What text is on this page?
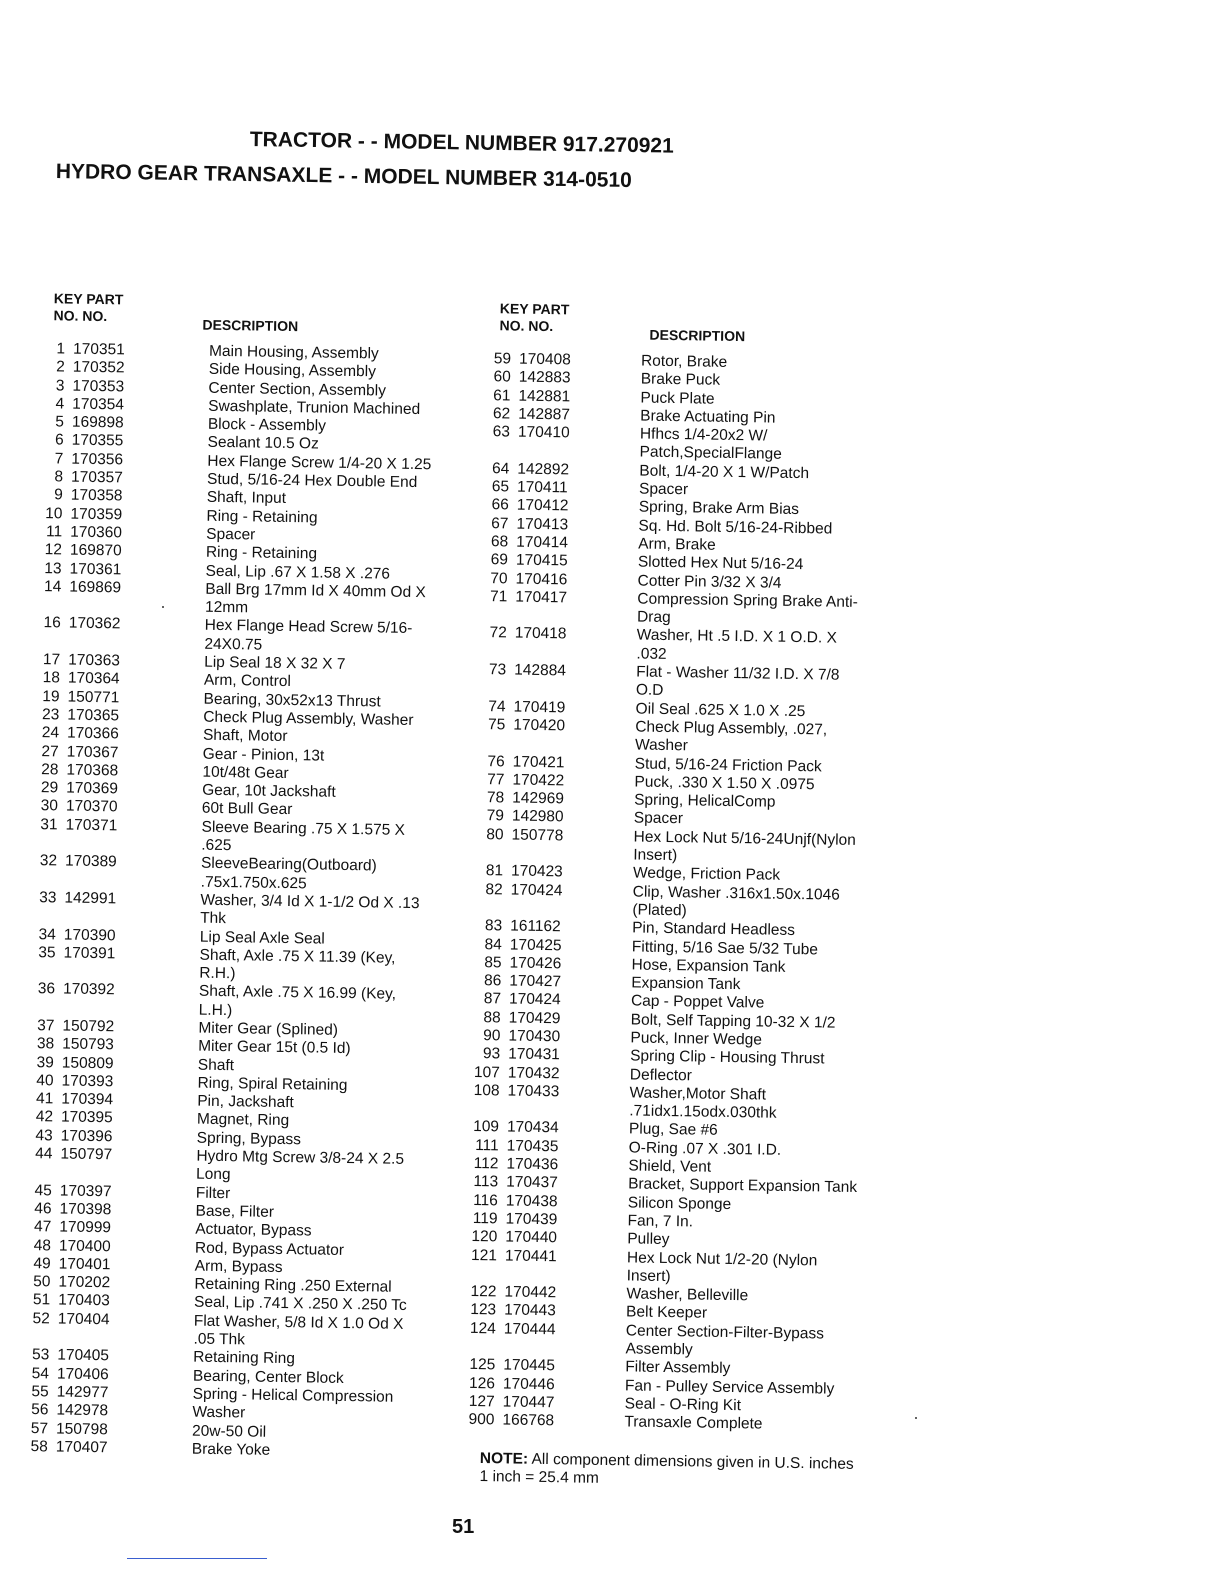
TRACTOR - - MODEL NUMBER 917.270921
HYDRO GEAR TRANSAXLE - - MODEL NUMBER 314-0510
KEY PART
NO. NO.
DESCRIPTION
1 170351	Main Housing, Assembly
2 170352	Side Housing, Assembly
3 170353	Center Section, Assembly
4 170354	Swashplate, Trunion Machined
5 169898	Block - Assembly
6 170355	Sealant 10.5 Oz
7 170356	Hex Flange Screw 1/4-20 X 1.25
8 170357	Stud, 5/16-24 Hex Double End
9 170358	Shaft, Input
10 170359	Ring - Retaining
11 170360	Spacer
12 169870	Ring - Retaining
13 170361	Seal, Lip .67 X 1.58 X .276
14 169869	Ball Brg 17mm Id X 40mm Od X
12mm
16 170362	Hex Flange Head Screw 5/16-
24X0.75
17 170363	Lip Seal 18 X 32 X 7
18 170364	Arm, Control
19 150771	Bearing, 30x52x13 Thrust
23 170365	Check Plug Assembly, Washer
24 170366	Shaft, Motor
27 170367	Gear - Pinion, 13t
28 170368	10t/48t Gear
29 170369	Gear, 10t Jackshaft
30 170370	60t Bull Gear
31 170371	Sleeve Bearing .75 X 1.575 X
.625
32 170389	SleeveBearing(Outboard)
.75x1.750x.625
33 142991	Washer, 3/4 Id X 1-1/2 Od X .13
Thk
34 170390	Lip Seal Axle Seal
35 170391	Shaft, Axle .75 X 11.39 (Key,
R.H.)
36 170392	Shaft, Axle .75 X 16.99 (Key,
L.H.)
37 150792	Miter Gear (Splined)
38 150793	Miter Gear 15t (0.5 Id)
39 150809	Shaft
40 170393	Ring, Spiral Retaining
41 170394	Pin, Jackshaft
42 170395	Magnet, Ring
43 170396	Spring, Bypass
44 150797	Hydro Mtg Screw 3/8-24 X 2.5
Long
45 170397	Filter
46 170398	Base, Filter
47 170999	Actuator, Bypass
48 170400	Rod, Bypass Actuator
49 170401	Arm, Bypass
50 170202	Retaining Ring .250 External
51 170403	Seal, Lip .741 X .250 X .250 Tc
52 170404	Flat Washer, 5/8 Id X 1.0 Od X
.05 Thk
53 170405	Retaining Ring
54 170406	Bearing, Center Block
55 142977	Spring - Helical Compression
56 142978	Washer
57 150798	20w-50 Oil
58 170407	Brake Yoke
KEY PART
NO. NO.
DESCRIPTION
59 170408	Rotor, Brake
60 142883	Brake Puck
61 142881	Puck Plate
62 142887	Brake Actuating Pin
63 170410	Hfhcs 1/4-20x2 W/
Patch,SpecialFlange
64 142892	Bolt, 1/4-20 X 1 W/Patch
65 170411	Spacer
66 170412	Spring, Brake Arm Bias
67 170413	Sq. Hd. Bolt 5/16-24-Ribbed
68 170414	Arm, Brake
69 170415	Slotted Hex Nut 5/16-24
70 170416	Cotter Pin 3/32 X 3/4
71 170417	Compression Spring Brake Anti-
Drag
72 170418	Washer, Ht .5 I.D. X 1 O.D. X
.032
73 142884	Flat - Washer 11/32 I.D. X 7/8
O.D
74 170419	Oil Seal .625 X 1.0 X .25
75 170420	Check Plug Assembly, .027,
Washer
76 170421	Stud, 5/16-24 Friction Pack
77 170422	Puck, .330 X 1.50 X .0975
78 142969	Spring, HelicalComp
79 142980	Spacer
80 150778	Hex Lock Nut 5/16-24Unjf(Nylon
Insert)
81 170423	Wedge, Friction Pack
82 170424	Clip, Washer .316x1.50x.1046
(Plated)
83 161162	Pin, Standard Headless
84 170425	Fitting, 5/16 Sae 5/32 Tube
85 170426	Hose, Expansion Tank
86 170427	Expansion Tank
87 170424	Cap - Poppet Valve
88 170429	Bolt, Self Tapping 10-32 X 1/2
90 170430	Puck, Inner Wedge
93 170431	Spring Clip - Housing Thrust
107 170432	Deflector
108 170433	Washer,Motor Shaft
.71idx1.15odx.030thk
109 170434	Plug, Sae #6
111 170435	O-Ring .07 X .301 I.D.
112 170436	Shield, Vent
113 170437	Bracket, Support Expansion Tank
116 170438	Silicon Sponge
119 170439	Fan, 7 In.
120 170440	Pulley
121 170441	Hex Lock Nut 1/2-20 (Nylon
Insert)
122 170442	Washer, Belleville
123 170443	Belt Keeper
124 170444	Center Section-Filter-Bypass
Assembly
125 170445	Filter Assembly
126 170446	Fan - Pulley Service Assembly
127 170447	Seal - O-Ring Kit
900 166768	Transaxle Complete
NOTE: All component dimensions given in U.S. inches
1 inch = 25.4 mm
51
